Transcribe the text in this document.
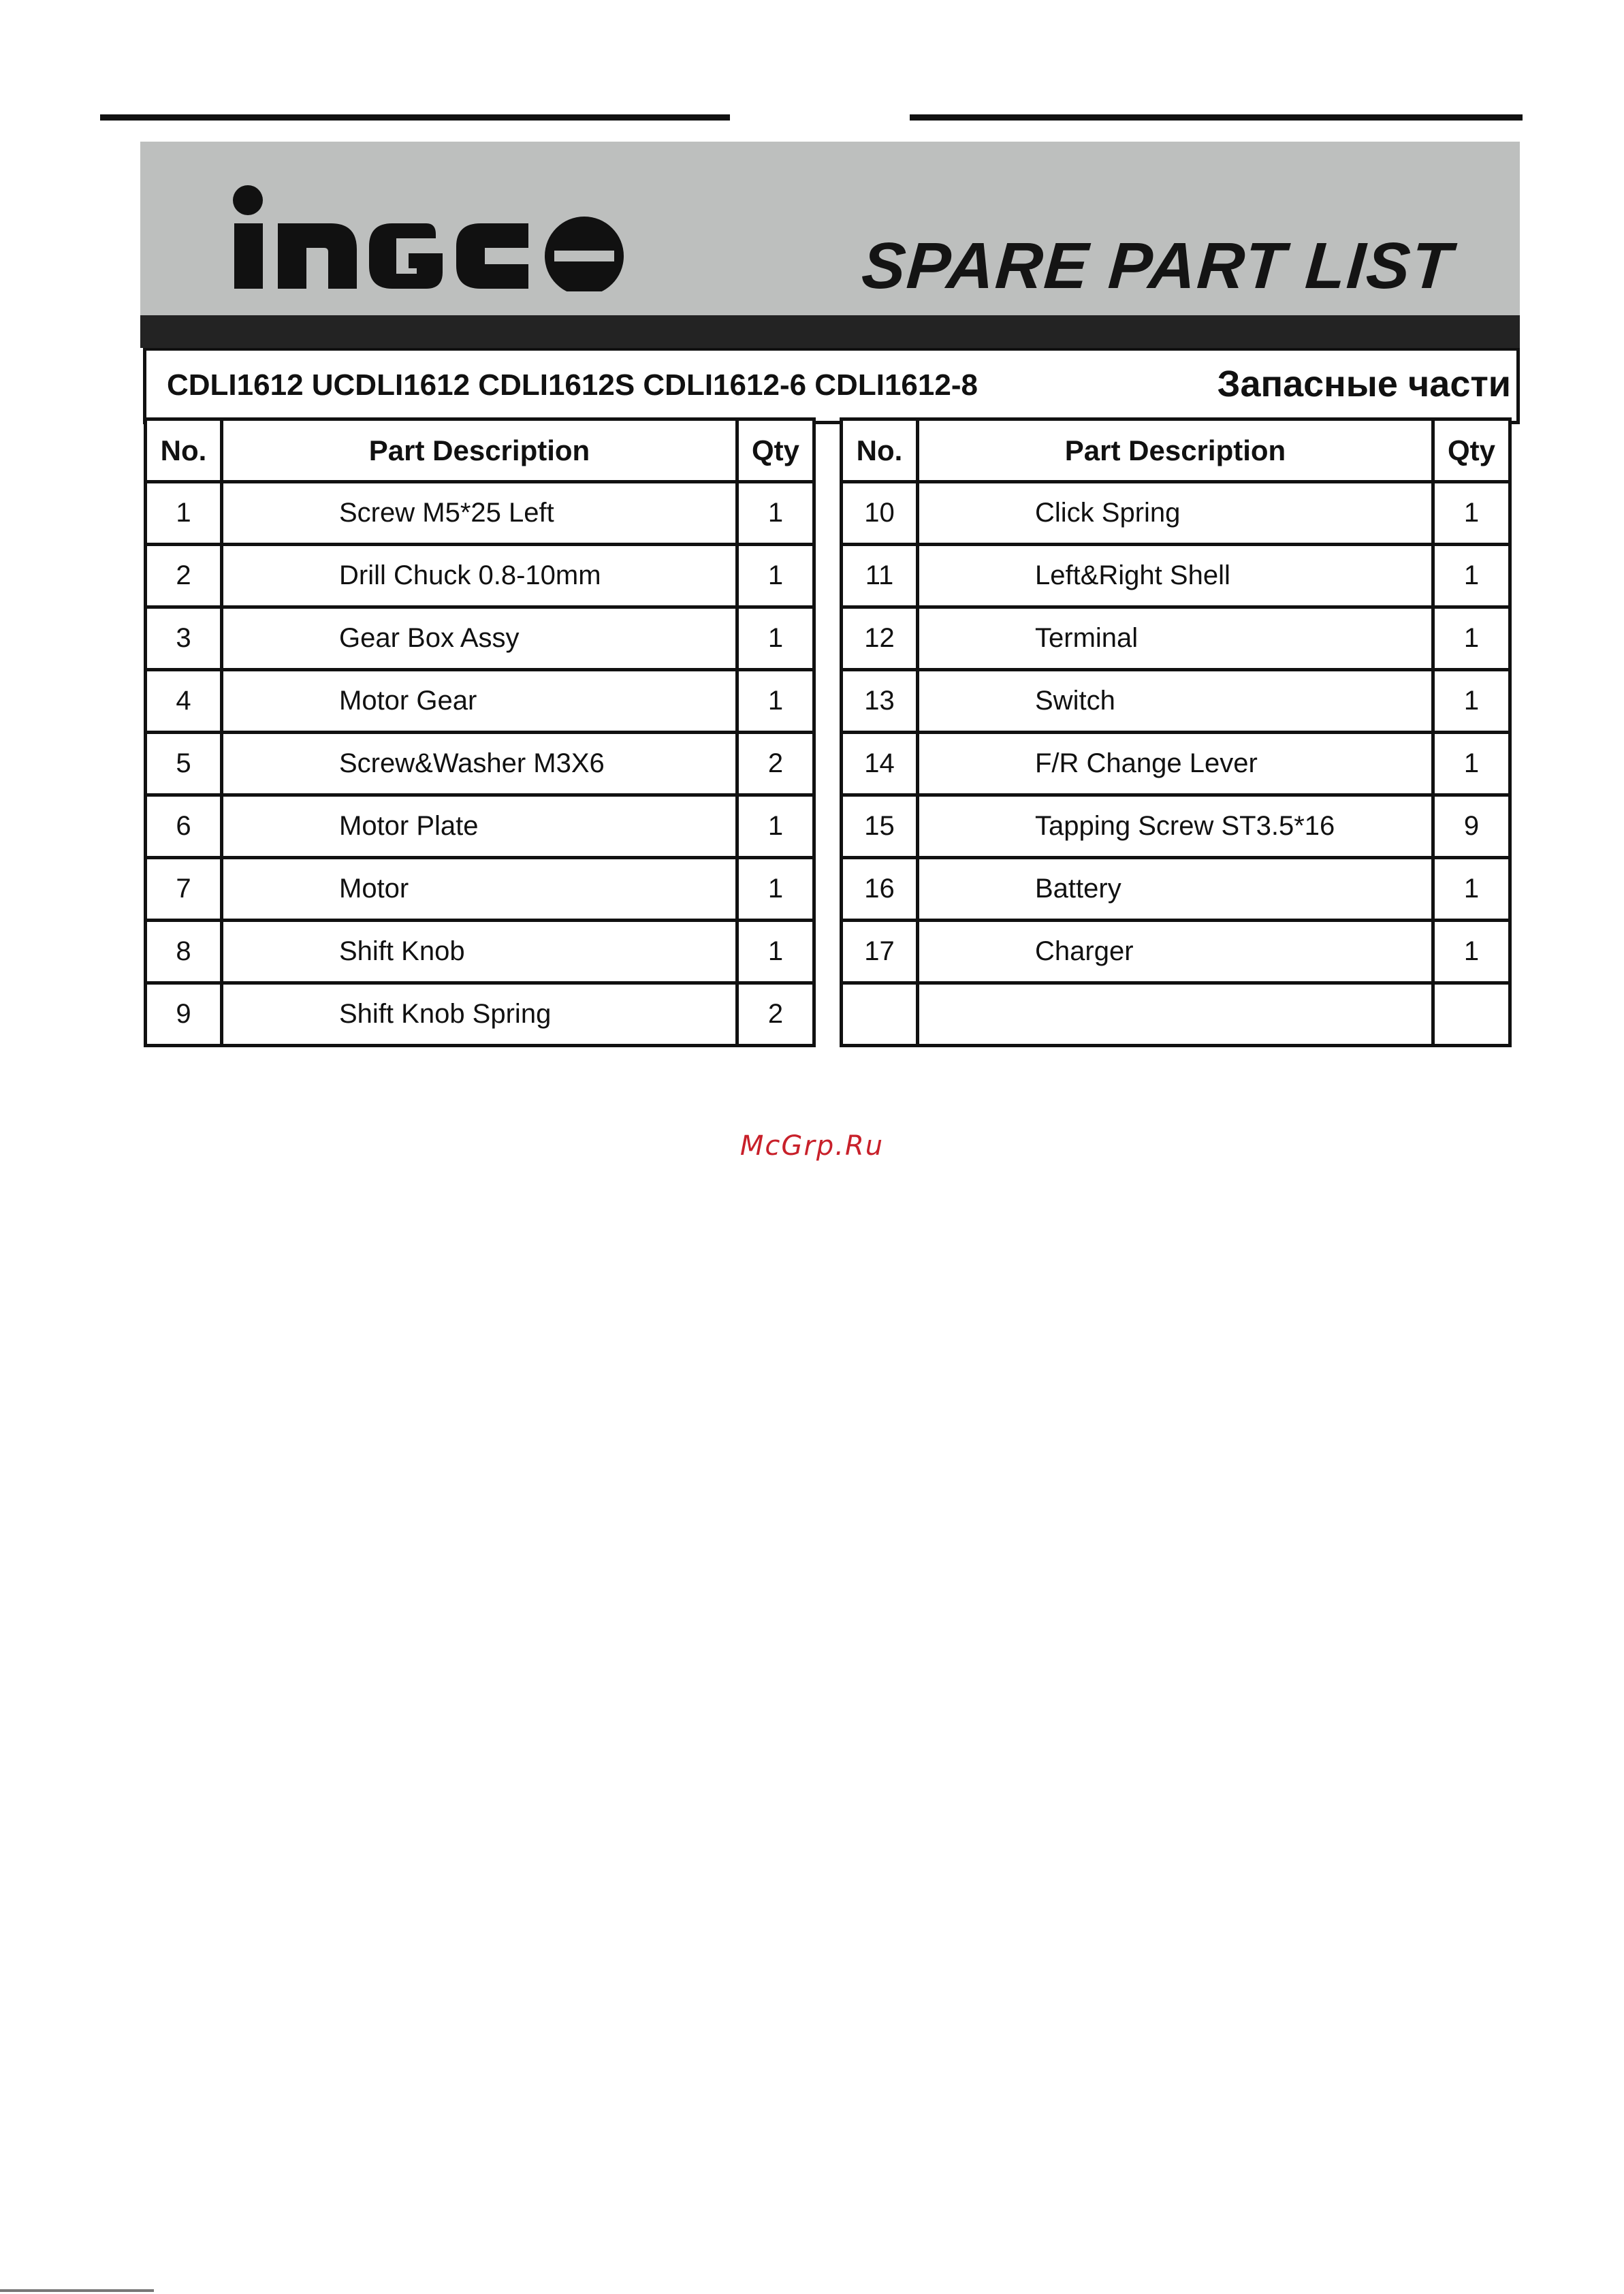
INGCO
SPARE PART LIST
CDLI1612 UCDLI1612 CDLI1612S CDLI1612-6 CDLI1612-8	Запасные части
No.	Part Description	Qty
1	Screw M5*25 Left	1
2	Drill Chuck 0.8-10mm	1
3	Gear Box Assy	1
4	Motor Gear	1
5	Screw&Washer M3X6	2
6	Motor Plate	1
7	Motor	1
8	Shift Knob	1
9	Shift Knob Spring	2
No.	Part Description	Qty
10	Click Spring	1
11	Left&Right Shell	1
12	Terminal	1
13	Switch	1
14	F/R Change Lever	1
15	Tapping Screw ST3.5*16	9
16	Battery	1
17	Charger	1

McGrp.Ru
